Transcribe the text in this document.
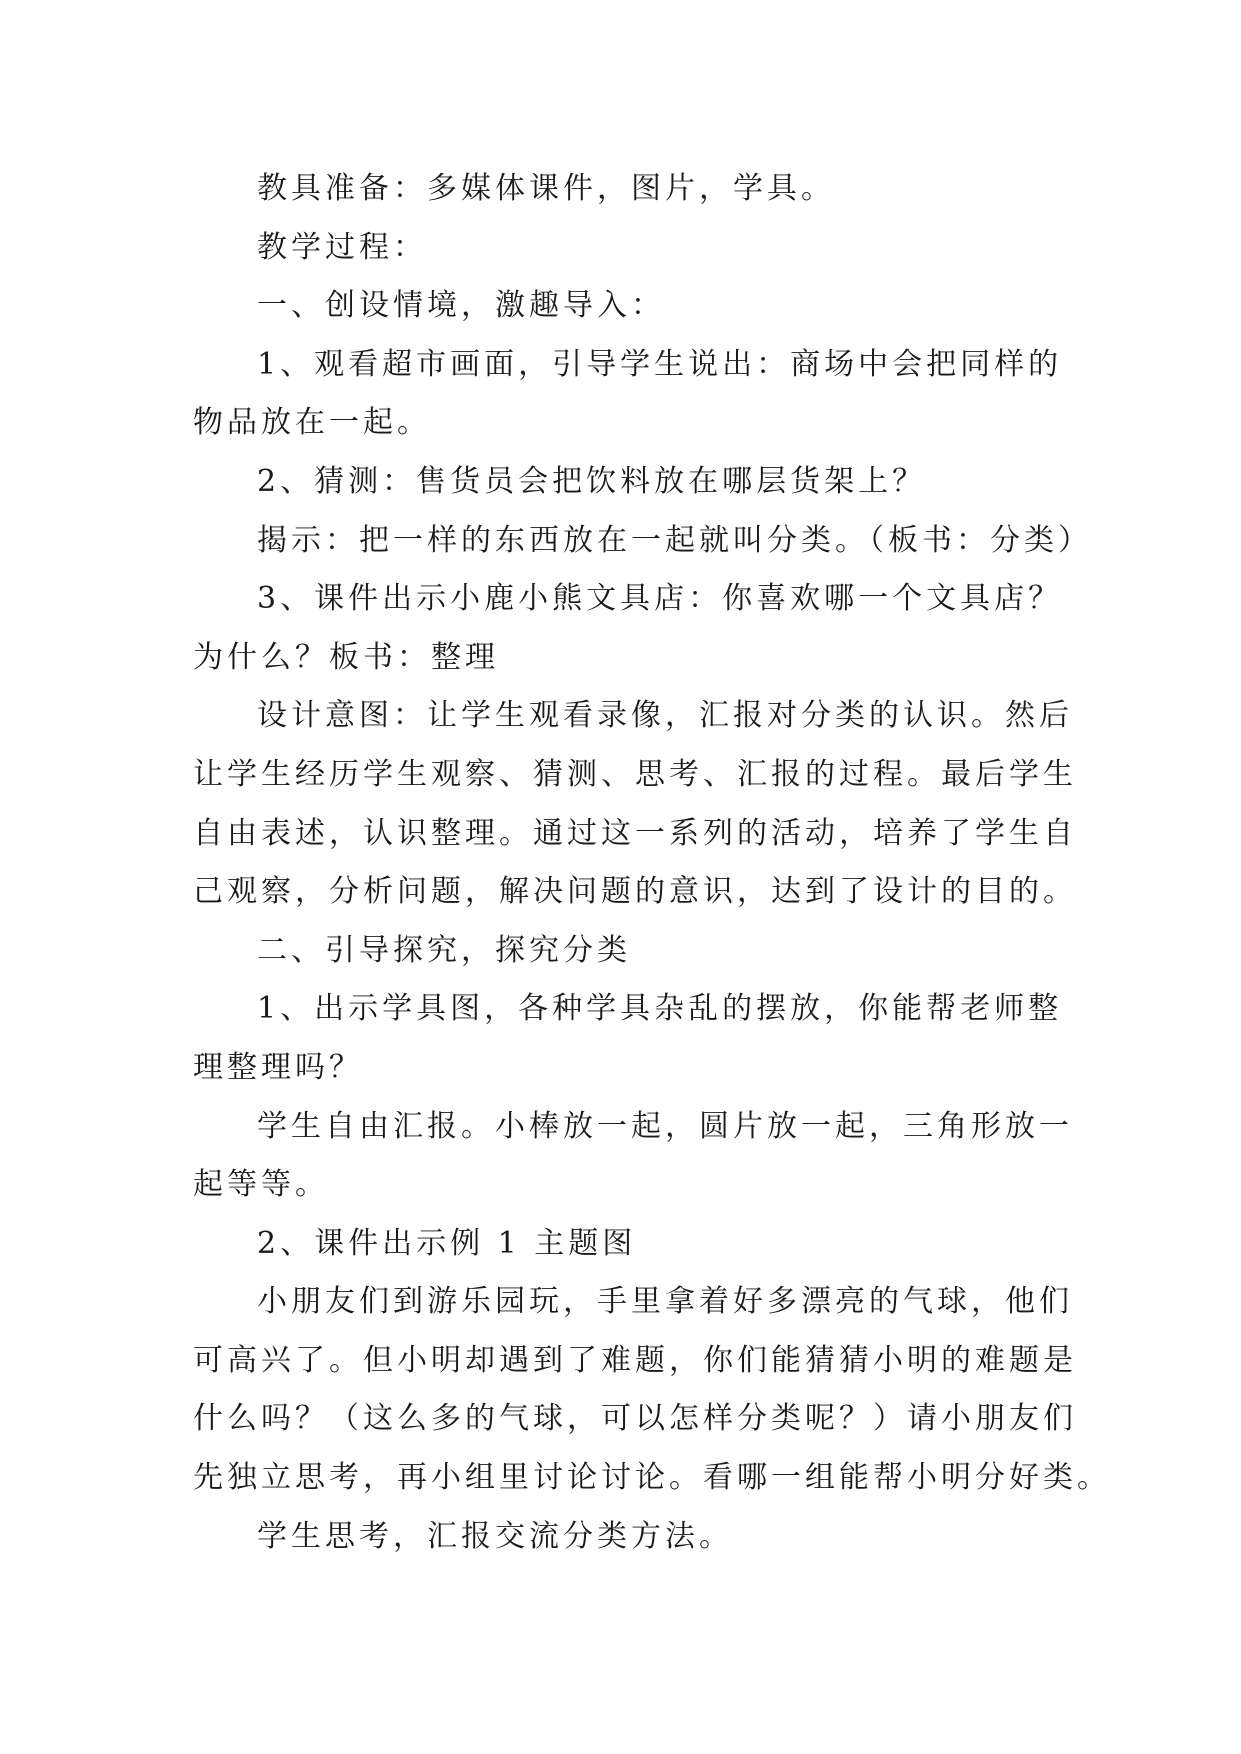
教具准备：多媒体课件，图片，学具。

教学过程：

一、创设情境，激趣导入：

1、观看超市画面，引导学生说出：商场中会把同样的

物品放在一起。

2、猜测：售货员会把饮料放在哪层货架上？

揭示：把一样的东西放在一起就叫分类。（板书：分类）

3、课件出示小鹿小熊文具店：你喜欢哪一个文具店？

为什么？板书：整理

设计意图：让学生观看录像，汇报对分类的认识。然后

让学生经历学生观察、猜测、思考、汇报的过程。最后学生

自由表述，认识整理。通过这一系列的活动，培养了学生自

己观察，分析问题，解决问题的意识，达到了设计的目的。

二、引导探究，探究分类

1、出示学具图，各种学具杂乱的摆放，你能帮老师整

理整理吗？

学生自由汇报。小棒放一起，圆片放一起，三角形放一

起等等。

2、课件出示例 1 主题图

小朋友们到游乐园玩，手里拿着好多漂亮的气球，他们

可高兴了。但小明却遇到了难题，你们能猜猜小明的难题是

什么吗？（这么多的气球，可以怎样分类呢？）请小朋友们

先独立思考，再小组里讨论讨论。看哪一组能帮小明分好类。

学生思考，汇报交流分类方法。
